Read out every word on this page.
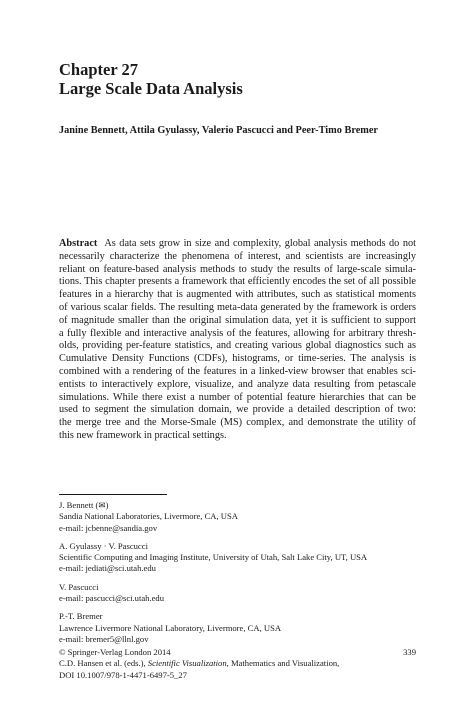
Chapter 27
Large Scale Data Analysis
Janine Bennett, Attila Gyulassy, Valerio Pascucci and Peer-Timo Bremer
Abstract As data sets grow in size and complexity, global analysis methods do not
necessarily characterize the phenomena of interest, and scientists are increasingly
reliant on feature-based analysis methods to study the results of large-scale simula-
tions. This chapter presents a framework that efficiently encodes the set of all possible
features in a hierarchy that is augmented with attributes, such as statistical moments
of various scalar fields. The resulting meta-data generated by the framework is orders
of magnitude smaller than the original simulation data, yet it is sufficient to support
a fully flexible and interactive analysis of the features, allowing for arbitrary thresh-
olds, providing per-feature statistics, and creating various global diagnostics such as
Cumulative Density Functions (CDFs), histograms, or time-series. The analysis is
combined with a rendering of the features in a linked-view browser that enables sci-
entists to interactively explore, visualize, and analyze data resulting from petascale
simulations. While there exist a number of potential feature hierarchies that can be
used to segment the simulation domain, we provide a detailed description of two:
the merge tree and the Morse-Smale (MS) complex, and demonstrate the utility of
this new framework in practical settings.
J. Bennett (✉)
Sandia National Laboratories, Livermore, CA, USA
e-mail: jcbenne@sandia.gov
A. Gyulassy · V. Pascucci
Scientific Computing and Imaging Institute, University of Utah, Salt Lake City, UT, USA
e-mail: jediati@sci.utah.edu
V. Pascucci
e-mail: pascucci@sci.utah.edu
P.-T. Bremer
Lawrence Livermore National Laboratory, Livermore, CA, USA
e-mail: bremer5@llnl.gov
© Springer-Verlag London 2014
C.D. Hansen et al. (eds.), Scientific Visualization, Mathematics and Visualization,
DOI 10.1007/978-1-4471-6497-5_27
339
